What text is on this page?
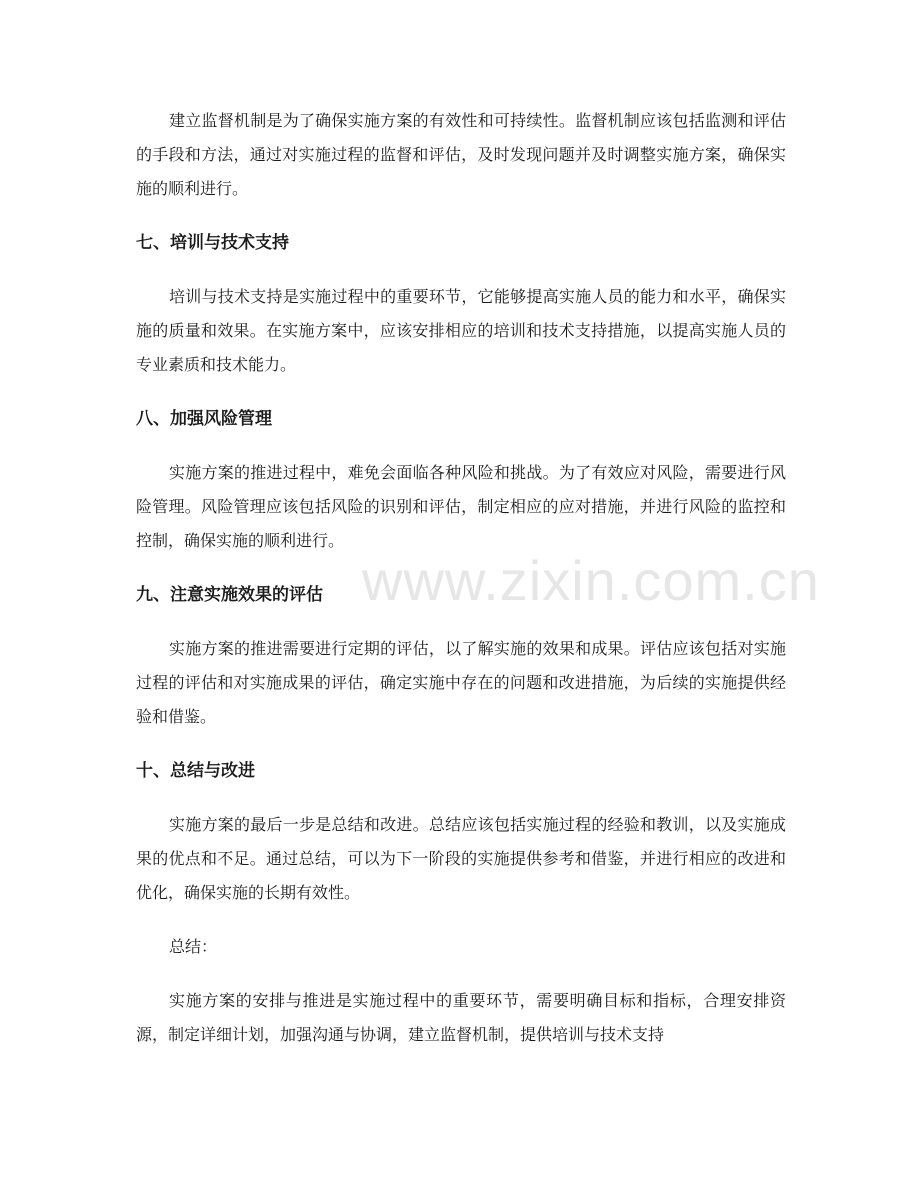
www.zixin.com.cn

建立监督机制是为了确保实施方案的有效性和可持续性。监督机制应该包括监测和评估的手段和方法，通过对实施过程的监督和评估，及时发现问题并及时调整实施方案，确保实施的顺利进行。

七、培训与技术支持

培训与技术支持是实施过程中的重要环节，它能够提高实施人员的能力和水平，确保实施的质量和效果。在实施方案中，应该安排相应的培训和技术支持措施，以提高实施人员的专业素质和技术能力。

八、加强风险管理

实施方案的推进过程中，难免会面临各种风险和挑战。为了有效应对风险，需要进行风险管理。风险管理应该包括风险的识别和评估，制定相应的应对措施，并进行风险的监控和控制，确保实施的顺利进行。

九、注意实施效果的评估

实施方案的推进需要进行定期的评估，以了解实施的效果和成果。评估应该包括对实施过程的评估和对实施成果的评估，确定实施中存在的问题和改进措施，为后续的实施提供经验和借鉴。

十、总结与改进

实施方案的最后一步是总结和改进。总结应该包括实施过程的经验和教训，以及实施成果的优点和不足。通过总结，可以为下一阶段的实施提供参考和借鉴，并进行相应的改进和优化，确保实施的长期有效性。

总结：

实施方案的安排与推进是实施过程中的重要环节，需要明确目标和指标，合理安排资源，制定详细计划，加强沟通与协调，建立监督机制，提供培训与技术支持
